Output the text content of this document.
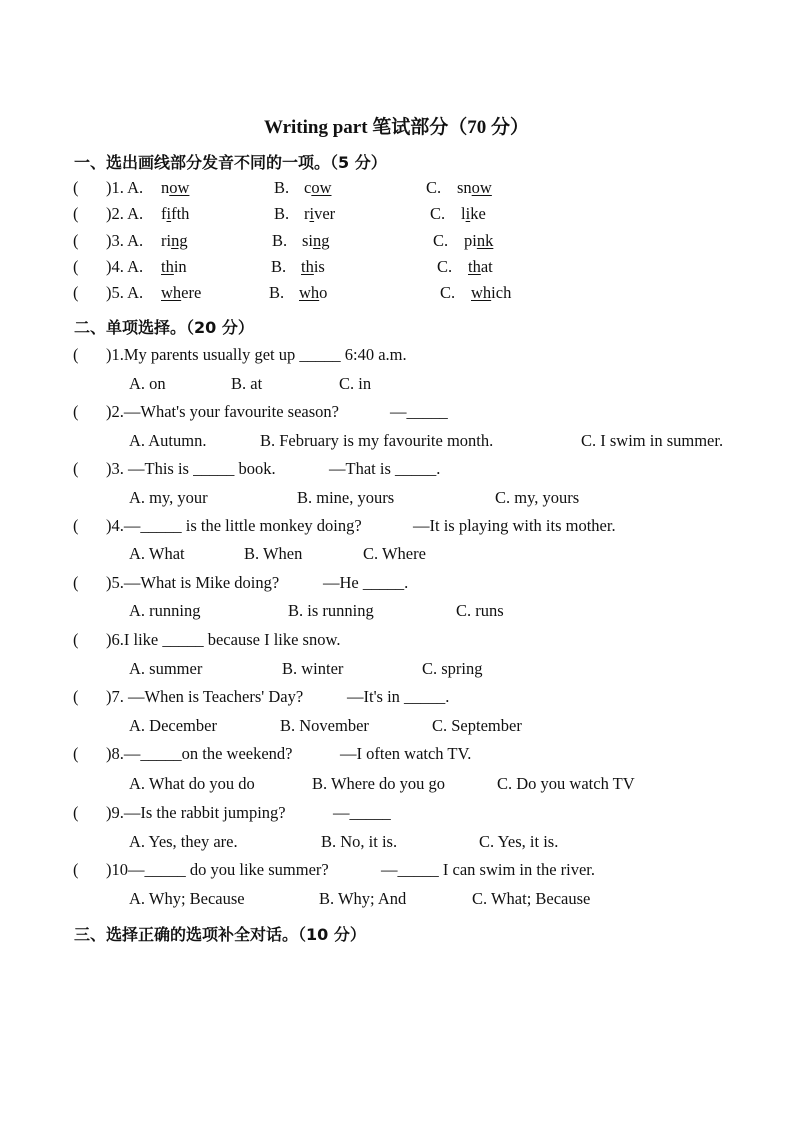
Writing part 笔试部分（70 分）
一、选出画线部分发音不同的一项。（5 分）
( )1. A. now	B. cow	C. snow
( )2. A. fifth	B. river	C. like
( )3. A. ring	B. sing	C. pink
( )4. A. thin	B. this	C. that
( )5. A. where	B. who	C. which
二、单项选择。（20 分）
( )1.My parents usually get up _____ 6:40 a.m.
A. on	B. at	C. in
( )2.—What's your favourite season?	—_____
A. Autumn.	B. February is my favourite month.	C. I swim in summer.
( )3. —This is _____ book.	—That is _____.
A. my, your	B. mine, yours	C. my, yours
( )4.—_____ is the little monkey doing?	—It is playing with its mother.
A. What	B. When	C. Where
( )5.—What is Mike doing?	—He _____.
A. running	B. is running	C. runs
( )6.I like _____ because I like snow.
A. summer	B. winter	C. spring
( )7. —When is Teachers' Day?	—It's in _____.
A. December	B. November	C. September
( )8.—_____on the weekend?	—I often watch TV.
A. What do you do	B. Where do you go	C. Do you watch TV
( )9.—Is the rabbit jumping?	—_____
A. Yes, they are.	B. No, it is.	C. Yes, it is.
( )10—_____ do you like summer?	—_____ I can swim in the river.
A. Why; Because	B. Why; And	C. What; Because
三、选择正确的选项补全对话。（10 分）
